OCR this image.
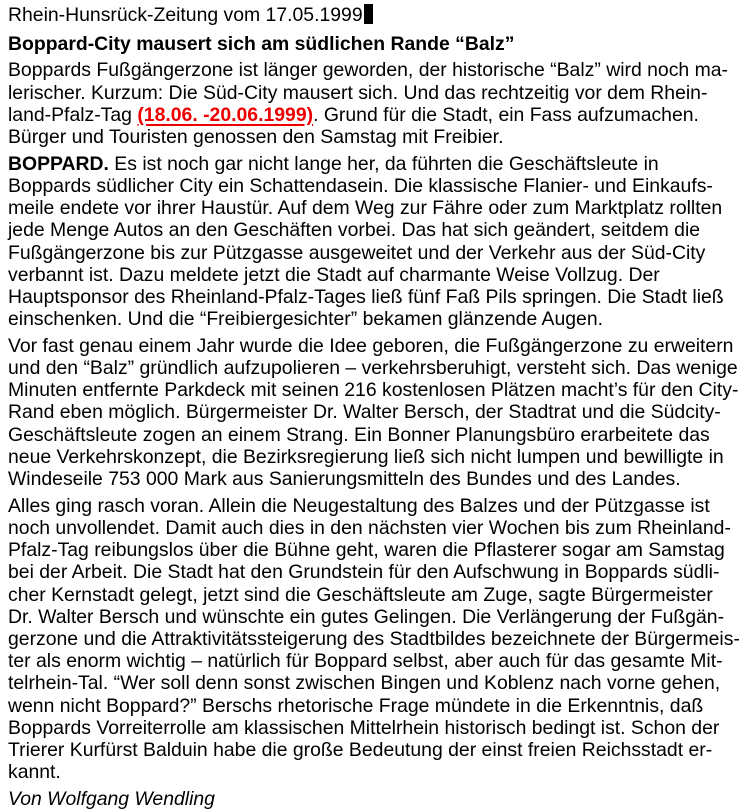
Rhein-Hunsrück-Zeitung vom 17.05.1999
Boppard-City mausert sich am südlichen Rande “Balz”

Boppards Fußgängerzone ist länger geworden, der historische “Balz” wird noch ma-
lerischer. Kurzum: Die Süd-City mausert sich. Und das rechtzeitig vor dem Rhein-
land-Pfalz-Tag (18.06. -20.06.1999). Grund für die Stadt, ein Fass aufzumachen.
Bürger und Touristen genossen den Samstag mit Freibier.

BOPPARD. Es ist noch gar nicht lange her, da führten die Geschäftsleute in
Boppards südlicher City ein Schattendasein. Die klassische Flanier- und Einkaufs-
meile endete vor ihrer Haustür. Auf dem Weg zur Fähre oder zum Marktplatz rollten
jede Menge Autos an den Geschäften vorbei. Das hat sich geändert, seitdem die
Fußgängerzone bis zur Pützgasse ausgeweitet und der Verkehr aus der Süd-City
verbannt ist. Dazu meldete jetzt die Stadt auf charmante Weise Vollzug. Der
Hauptsponsor des Rheinland-Pfalz-Tages ließ fünf Faß Pils springen. Die Stadt ließ
einschenken. Und die “Freibiergesichter” bekamen glänzende Augen.

Vor fast genau einem Jahr wurde die Idee geboren, die Fußgängerzone zu erweitern
und den “Balz” gründlich aufzupolieren – verkehrsberuhigt, versteht sich. Das wenige
Minuten entfernte Parkdeck mit seinen 216 kostenlosen Plätzen macht’s für den City-
Rand eben möglich. Bürgermeister Dr. Walter Bersch, der Stadtrat und die Südcity-
Geschäftsleute zogen an einem Strang. Ein Bonner Planungsbüro erarbeitete das
neue Verkehrskonzept, die Bezirksregierung ließ sich nicht lumpen und bewilligte in
Windeseile 753 000 Mark aus Sanierungsmitteln des Bundes und des Landes.

Alles ging rasch voran. Allein die Neugestaltung des Balzes und der Pützgasse ist
noch unvollendet. Damit auch dies in den nächsten vier Wochen bis zum Rheinland-
Pfalz-Tag reibungslos über die Bühne geht, waren die Pflasterer sogar am Samstag
bei der Arbeit. Die Stadt hat den Grundstein für den Aufschwung in Boppards südli-
cher Kernstadt gelegt, jetzt sind die Geschäftsleute am Zuge, sagte Bürgermeister
Dr. Walter Bersch und wünschte ein gutes Gelingen. Die Verlängerung der Fußgän-
gerzone und die Attraktivitätssteigerung des Stadtbildes bezeichnete der Bürgermeis-
ter als enorm wichtig – natürlich für Boppard selbst, aber auch für das gesamte Mit-
telrhein-Tal. “Wer soll denn sonst zwischen Bingen und Koblenz nach vorne gehen,
wenn nicht Boppard?” Berschs rhetorische Frage mündete in die Erkenntnis, daß
Boppards Vorreiterrolle am klassischen Mittelrhein historisch bedingt ist. Schon der
Trierer Kurfürst Balduin habe die große Bedeutung der einst freien Reichsstadt er-
kannt.

Von Wolfgang Wendling
